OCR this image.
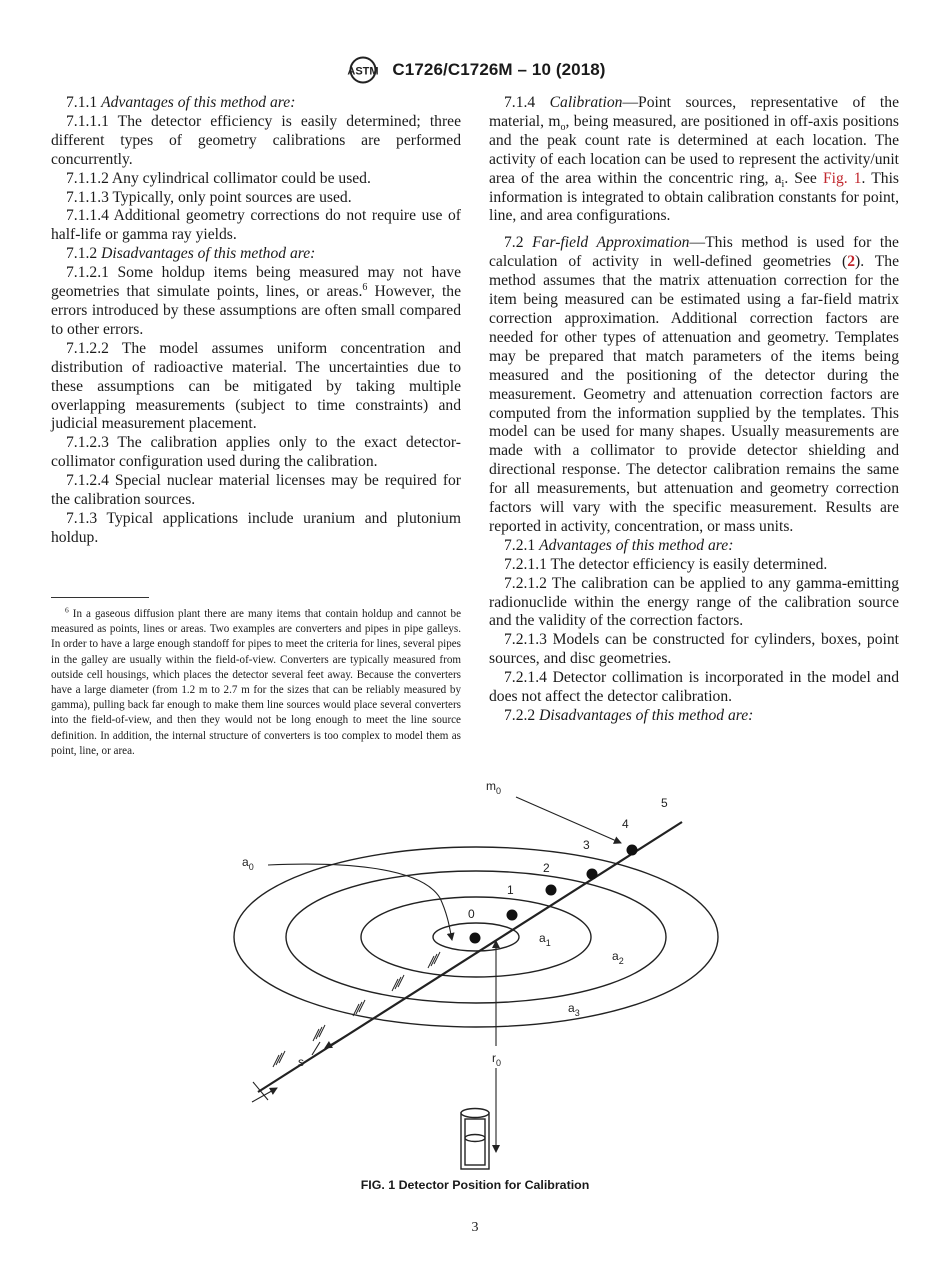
ASTM C1726/C1726M – 10 (2018)

7.1.1 Advantages of this method are:

7.1.1.1 The detector efficiency is easily determined; three different types of geometry calibrations are performed concurrently.

7.1.1.2 Any cylindrical collimator could be used.

7.1.1.3 Typically, only point sources are used.

7.1.1.4 Additional geometry corrections do not require use of half-life or gamma ray yields.

7.1.2 Disadvantages of this method are:

7.1.2.1 Some holdup items being measured may not have geometries that simulate points, lines, or areas.$^6$ However, the errors introduced by these assumptions are often small compared to other errors.

7.1.2.2 The model assumes uniform concentration and distribution of radioactive material. The uncertainties due to these assumptions can be mitigated by taking multiple overlapping measurements (subject to time constraints) and judicial measurement placement.

7.1.2.3 The calibration applies only to the exact detector-collimator configuration used during the calibration.

7.1.2.4 Special nuclear material licenses may be required for the calibration sources.

7.1.3 Typical applications include uranium and plutonium holdup.

$^6$ In a gaseous diffusion plant there are many items that contain holdup and cannot be measured as points, lines or areas. Two examples are converters and pipes in pipe galleys. In order to have a large enough standoff for pipes to meet the criteria for lines, several pipes in the galley are usually within the field-of-view. Converters are typically measured from outside cell housings, which places the detector several feet away. Because the converters have a large diameter (from 1.2 m to 2.7 m for the sizes that can be reliably measured by gamma), pulling back far enough to make them line sources would place several converters into the field-of-view, and then they would not be long enough to meet the line source definition. In addition, the internal structure of converters is too complex to model them as point, line, or area.

7.1.4 Calibration—Point sources, representative of the material, $m_o$, being measured, are positioned in off-axis positions and the peak count rate is determined at each location. The activity of each location can be used to represent the activity/unit area of the area within the concentric ring, $a_i$. See Fig. 1. This information is integrated to obtain calibration constants for point, line, and area configurations.

7.2 Far-field Approximation—This method is used for the calculation of activity in well-defined geometries (2). The method assumes that the matrix attenuation correction for the item being measured can be estimated using a far-field matrix correction approximation. Additional correction factors are needed for other types of attenuation and geometry. Templates may be prepared that match parameters of the items being measured and the positioning of the detector during the measurement. Geometry and attenuation correction factors are computed from the information supplied by the templates. This model can be used for many shapes. Usually measurements are made with a collimator to provide detector shielding and directional response. The detector calibration remains the same for all measurements, but attenuation and geometry correction factors will vary with the specific measurement. Results are reported in activity, concentration, or mass units.

7.2.1 Advantages of this method are:

7.2.1.1 The detector efficiency is easily determined.

7.2.1.2 The calibration can be applied to any gamma-emitting radionuclide within the energy range of the calibration source and the validity of the correction factors.

7.2.1.3 Models can be constructed for cylinders, boxes, point sources, and disc geometries.

7.2.1.4 Detector collimation is incorporated in the model and does not affect the detector calibration.

7.2.2 Disadvantages of this method are:

$m_0$
$a_0$
$a_1$
$a_2$
$a_3$
$r_0$
s
0
1
2
3
4
5
FIG. 1 Detector Position for Calibration
3
